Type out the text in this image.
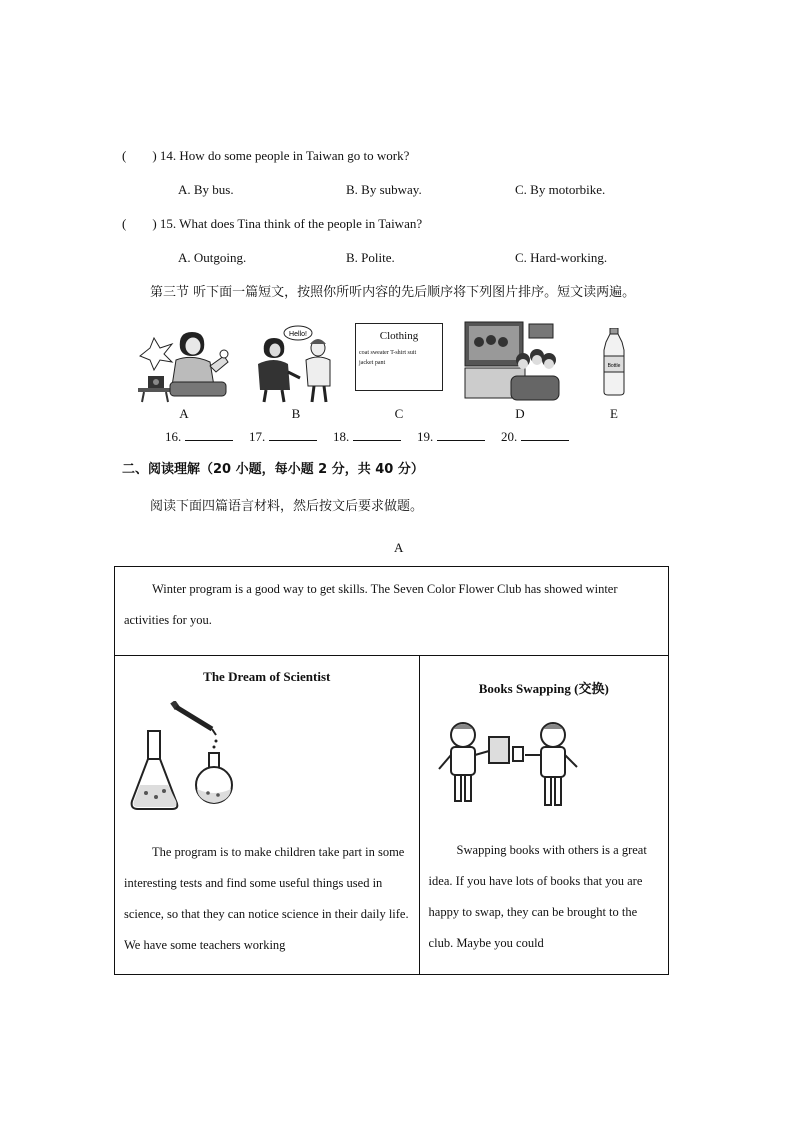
(        ) 14. How do some people in Taiwan go to work?
A. By bus.	B. By subway.	C. By motorbike.
(        ) 15. What does Tina think of the people in Taiwan?
A. Outgoing.	B. Polite.	C. Hard-working.
第三节 听下面一篇短文，按照你所听内容的先后顺序将下列图片排序。短文读两遍。
A
Hello!
B
Clothing
coat sweater T-shirt suit
jacket pant
C	D
Bottle
E
16.	17.	18.	19.	20.
二、阅读理解（20 小题，每小题 2 分，共 40 分）
阅读下面四篇语言材料，然后按文后要求做题。
A
Winter program is a good way to get skills. The Seven Color Flower Club has showed winter activities for you.

The Dream of Scientist
The program is to make children take part in some interesting tests and find some useful things used in science, so that they can notice science in their daily life. We have some teachers working

Books Swapping (交换)
Swapping books with others is a great idea. If you have lots of books that you are happy to swap, they can be brought to the club. Maybe you could
